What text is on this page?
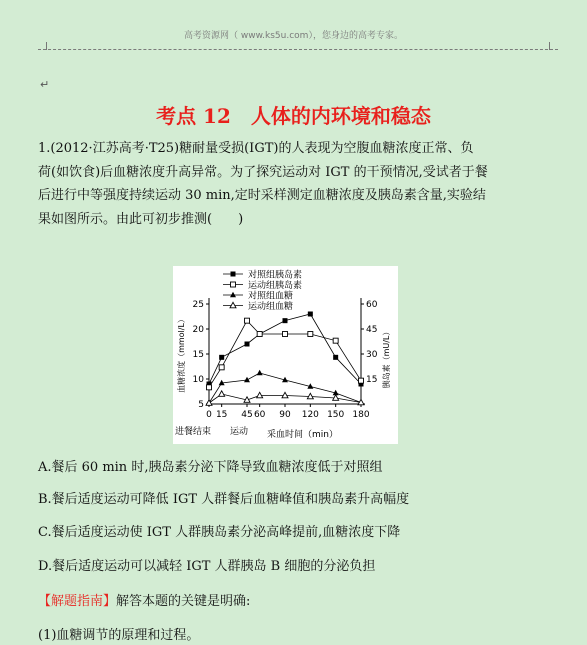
高考资源网（ www.ks5u.com），您身边的高考专家。
↵
考点 12　人体的内环境和稳态
1.(2012·江苏高考·T25)糖耐量受损(IGT)的人表现为空腹血糖浓度正常、负
荷(如饮食)后血糖浓度升高异常。为了探究运动对 IGT 的干预情况,受试者于餐
后进行中等强度持续运动 30 min,定时采样测定血糖浓度及胰岛素含量,实验结
果如图所示。由此可初步推测(　　)
5
10
15
20
25
15
30
45
60
0 15 45 60 90 120 150 180
血糖浓度（mmol/L）	胰岛素（mU/L）
进餐结束 运动 采血时间（min）
对照组胰岛素
运动组胰岛素
对照组血糖
运动组血糖
A.餐后 60 min 时,胰岛素分泌下降导致血糖浓度低于对照组
B.餐后适度运动可降低 IGT 人群餐后血糖峰值和胰岛素升高幅度
C.餐后适度运动使 IGT 人群胰岛素分泌高峰提前,血糖浓度下降
D.餐后适度运动可以减轻 IGT 人群胰岛 B 细胞的分泌负担
【解题指南】解答本题的关键是明确:
(1)血糖调节的原理和过程。
